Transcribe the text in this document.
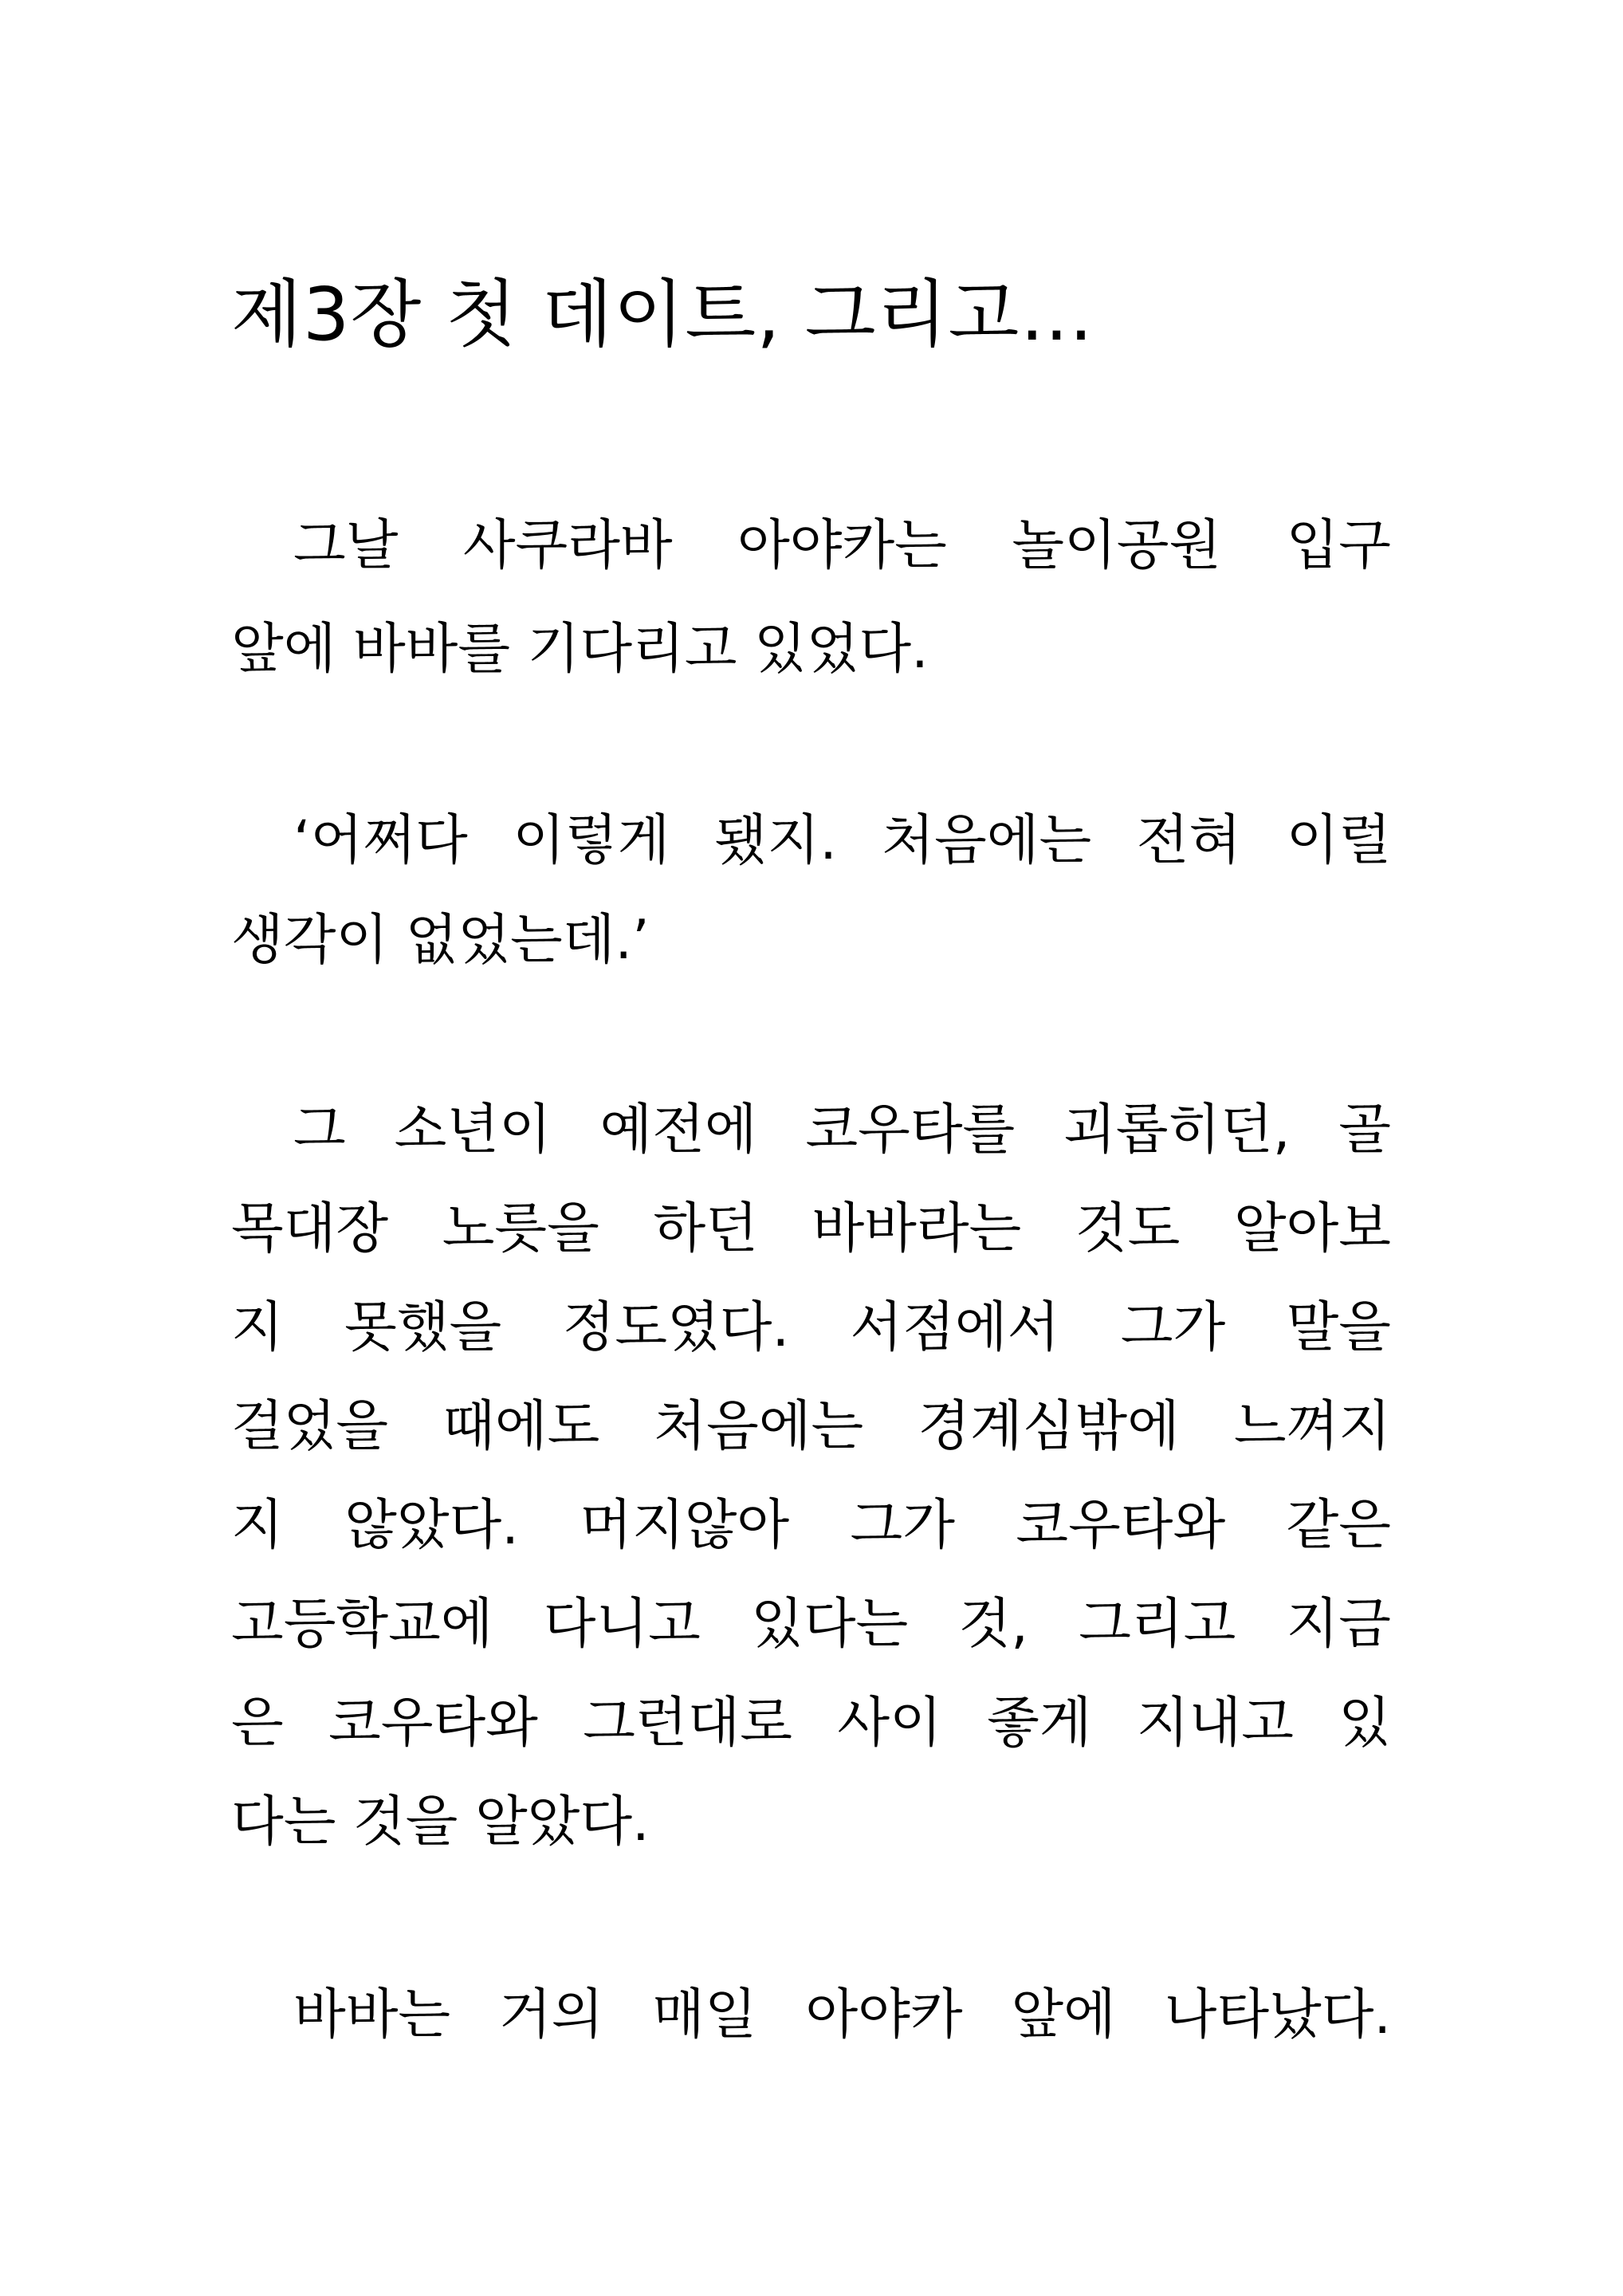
제3장 첫 데이트, 그리고…

그날 사쿠라바 아야카는 놀이공원 입구

앞에 바바를 기다리고 있었다.

‘어쩌다 이렇게 됐지. 처음에는 전혀 이럴

생각이 없었는데.’

그 소년이 예전에 코우타를 괴롭히던, 골

목대장 노릇을 하던 바바라는 것도 알아보

지 못했을 정도였다. 서점에서 그가 말을

걸었을 때에도 처음에는 경계심밖에 느껴지

지 않았다. 머지않아 그가 코우타와 같은

고등학교에 다니고 있다는 것, 그리고 지금

은 코우타와 그런대로 사이 좋게 지내고 있

다는 것을 알았다.

바바는 거의 매일 아야카 앞에 나타났다.
